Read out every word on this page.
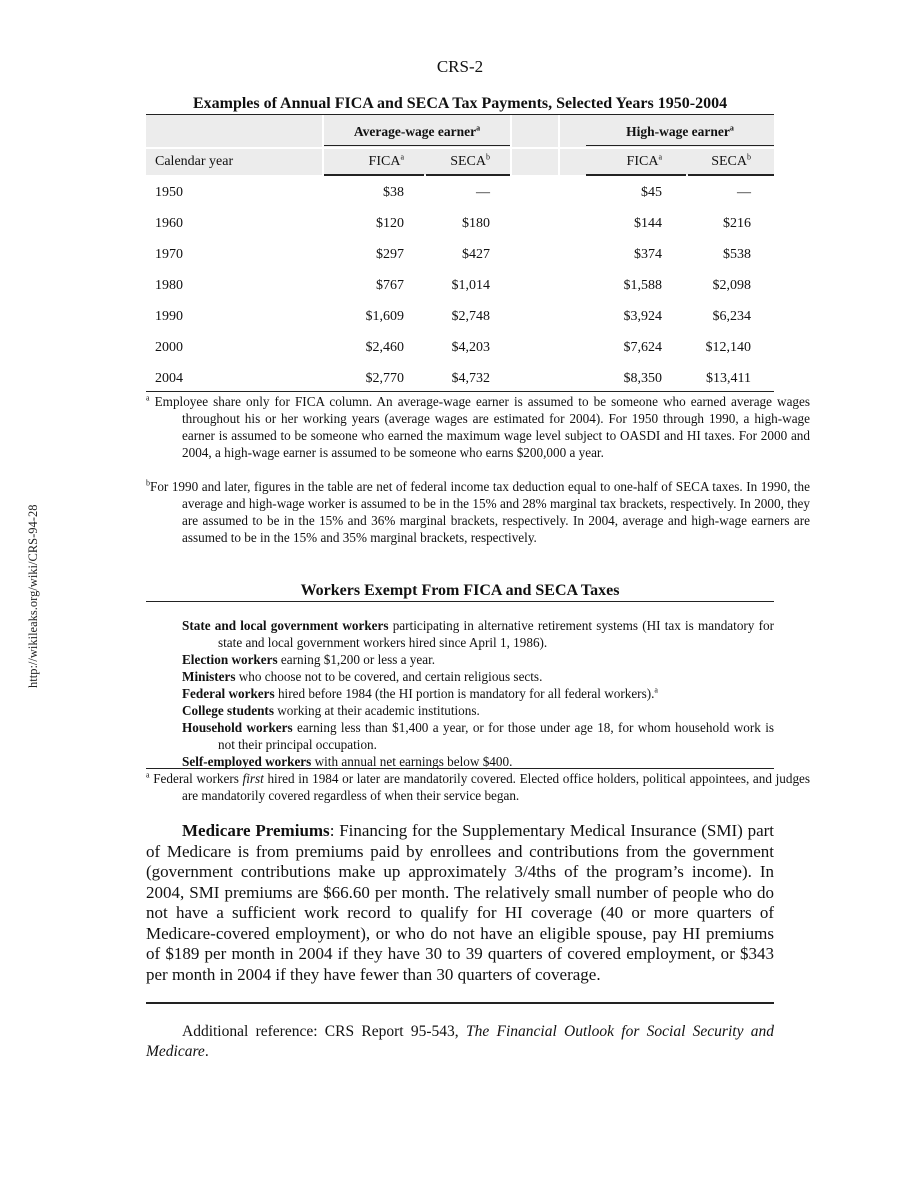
CRS-2
http://wikileaks.org/wiki/CRS-94-28
Examples of Annual FICA and SECA Tax Payments, Selected Years 1950-2004
Average-wage earner$^a$	High-wage earner$^a$
Calendar year	FICA$^a$	SECA$^b$	FICA$^a$	SECA$^b$
1950	$38	—	$45	—
1960	$120	$180	$144	$216
1970	$297	$427	$374	$538
1980	$767	$1,014	$1,588	$2,098
1990	$1,609	$2,748	$3,924	$6,234
2000	$2,460	$4,203	$7,624	$12,140
2004	$2,770	$4,732	$8,350	$13,411
$^a$ Employee share only for FICA column. An average-wage earner is assumed to be someone who earned average wages throughout his or her working years (average wages are estimated for 2004). For 1950 through 1990, a high-wage earner is assumed to be someone who earned the maximum wage level subject to OASDI and HI taxes. For 2000 and 2004, a high-wage earner is assumed to be someone who earns $200,000 a year.
$^b$For 1990 and later, figures in the table are net of federal income tax deduction equal to one-half of SECA taxes. In 1990, the average and high-wage worker is assumed to be in the 15% and 28% marginal tax brackets, respectively. In 2000, they are assumed to be in the 15% and 36% marginal brackets, respectively. In 2004, average and high-wage earners are assumed to be in the 15% and 35% marginal brackets, respectively.
Workers Exempt From FICA and SECA Taxes
State and local government workers participating in alternative retirement systems (HI tax is mandatory for state and local government workers hired since April 1, 1986).
Election workers earning $1,200 or less a year.
Ministers who choose not to be covered, and certain religious sects.
Federal workers hired before 1984 (the HI portion is mandatory for all federal workers).$^a$
College students working at their academic institutions.
Household workers earning less than $1,400 a year, or for those under age 18, for whom household work is not their principal occupation.
Self-employed workers with annual net earnings below $400.
$^a$ Federal workers first hired in 1984 or later are mandatorily covered. Elected office holders, political appointees, and judges are mandatorily covered regardless of when their service began.
Medicare Premiums: Financing for the Supplementary Medical Insurance (SMI) part of Medicare is from premiums paid by enrollees and contributions from the government (government contributions make up approximately 3/4ths of the program’s income). In 2004, SMI premiums are $66.60 per month. The relatively small number of people who do not have a sufficient work record to qualify for HI coverage (40 or more quarters of Medicare-covered employment), or who do not have an eligible spouse, pay HI premiums of $189 per month in 2004 if they have 30 to 39 quarters of covered employment, or $343 per month in 2004 if they have fewer than 30 quarters of coverage.
Additional reference: CRS Report 95-543, The Financial Outlook for Social Security and Medicare.
